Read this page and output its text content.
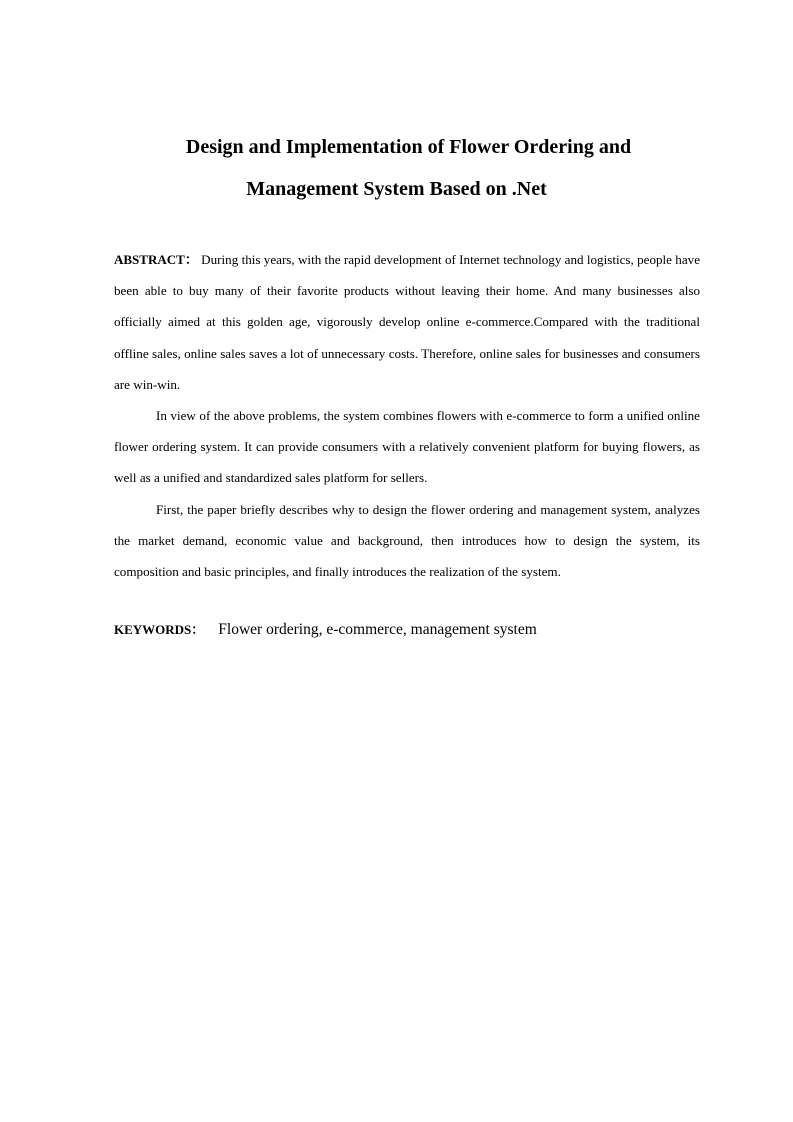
Design and Implementation of Flower Ordering and
Management System Based on .Net

ABSTRACT： During this years, with the rapid development of Internet technology and logistics, people have been able to buy many of their favorite products without leaving their home. And many businesses also officially aimed at this golden age, vigorously develop online e-commerce.Compared with the traditional offline sales, online sales saves a lot of unnecessary costs. Therefore, online sales for businesses and consumers are win-win.

In view of the above problems, the system combines flowers with e-commerce to form a unified online flower ordering system. It can provide consumers with a relatively convenient platform for buying flowers, as well as a unified and standardized sales platform for sellers.

First, the paper briefly describes why to design the flower ordering and management system, analyzes the market demand, economic value and background, then introduces how to design the system, its composition and basic principles, and finally introduces the realization of the system.

KEYWORDS： Flower ordering, e-commerce, management system
